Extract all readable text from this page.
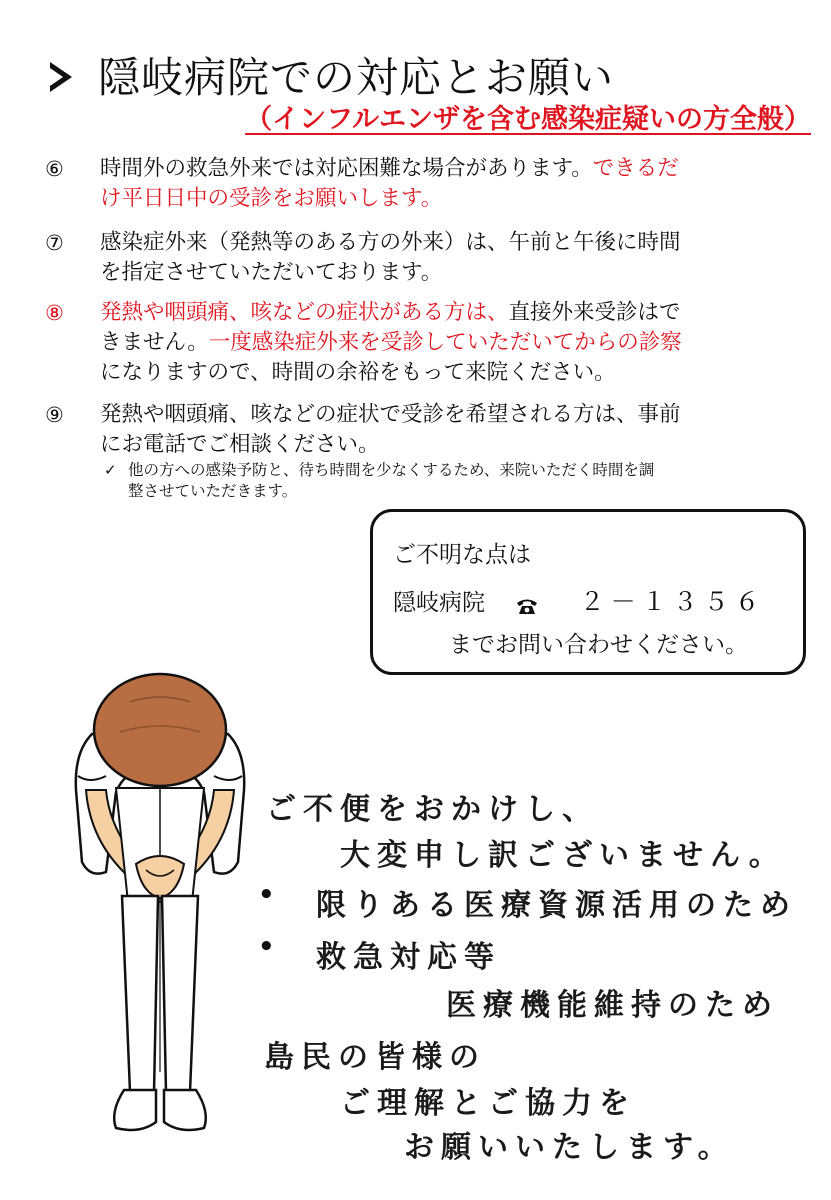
隠岐病院での対応とお願い
（インフルエンザを含む感染症疑いの方全般）
⑥	時間外の救急外来では対応困難な場合があります。できるだ
け平日日中の受診をお願いします。
⑦	感染症外来（発熱等のある方の外来）は、午前と午後に時間
を指定させていただいております。
⑧	発熱や咽頭痛、咳などの症状がある方は、直接外来受診はで
きません。一度感染症外来を受診していただいてからの診察
になりますので、時間の余裕をもって来院ください。
⑨	発熱や咽頭痛、咳などの症状で受診を希望される方は、事前
にお電話でご相談ください。
✓ 他の方への感染予防と、待ち時間を少なくするため、来院いただく時間を調
整させていただきます。
ご不明な点は
隠岐病院	２－１３５６
までお問い合わせください。
ご不便をおかけし、
大変申し訳ございません。
• 限りある医療資源活用のため
• 救急対応等
医療機能維持のため
島民の皆様の
ご理解とご協力を
お願いいたします。
